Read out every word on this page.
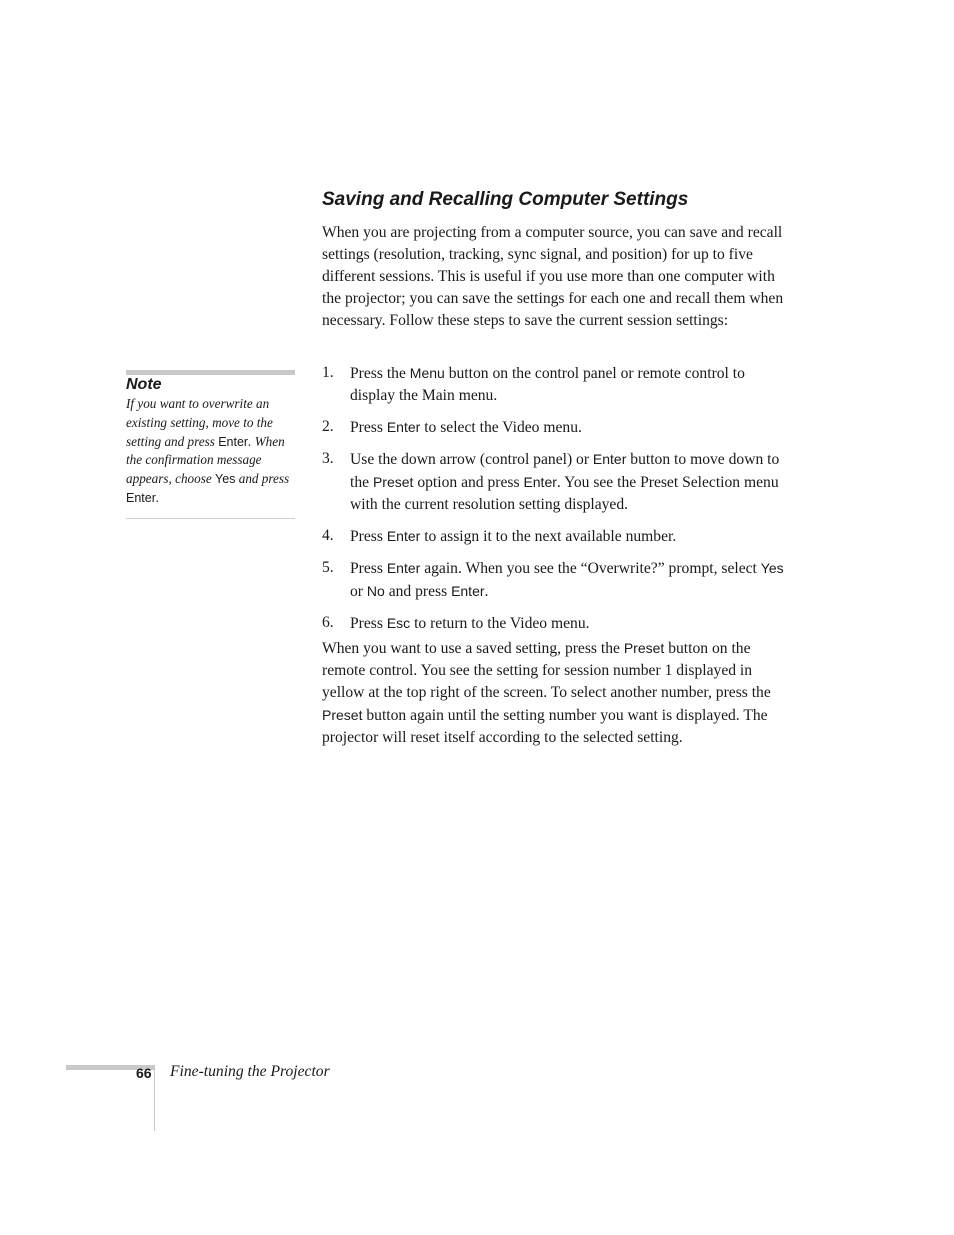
Saving and Recalling Computer Settings

When you are projecting from a computer source, you can save and recall settings (resolution, tracking, sync signal, and position) for up to five different sessions. This is useful if you use more than one computer with the projector; you can save the settings for each one and recall them when necessary. Follow these steps to save the current session settings:

1. Press the Menu button on the control panel or remote control to display the Main menu.
2. Press Enter to select the Video menu.
3. Use the down arrow (control panel) or Enter button to move down to the Preset option and press Enter. You see the Preset Selection menu with the current resolution setting displayed.
4. Press Enter to assign it to the next available number.
5. Press Enter again. When you see the “Overwrite?” prompt, select Yes or No and press Enter.
6. Press Esc to return to the Video menu.

When you want to use a saved setting, press the Preset button on the remote control. You see the setting for session number 1 displayed in yellow at the top right of the screen. To select another number, press the Preset button again until the setting number you want is displayed. The projector will reset itself according to the selected setting.

Note
If you want to overwrite an existing setting, move to the setting and press Enter. When the confirmation message appears, choose Yes and press Enter.
66 Fine-tuning the Projector
